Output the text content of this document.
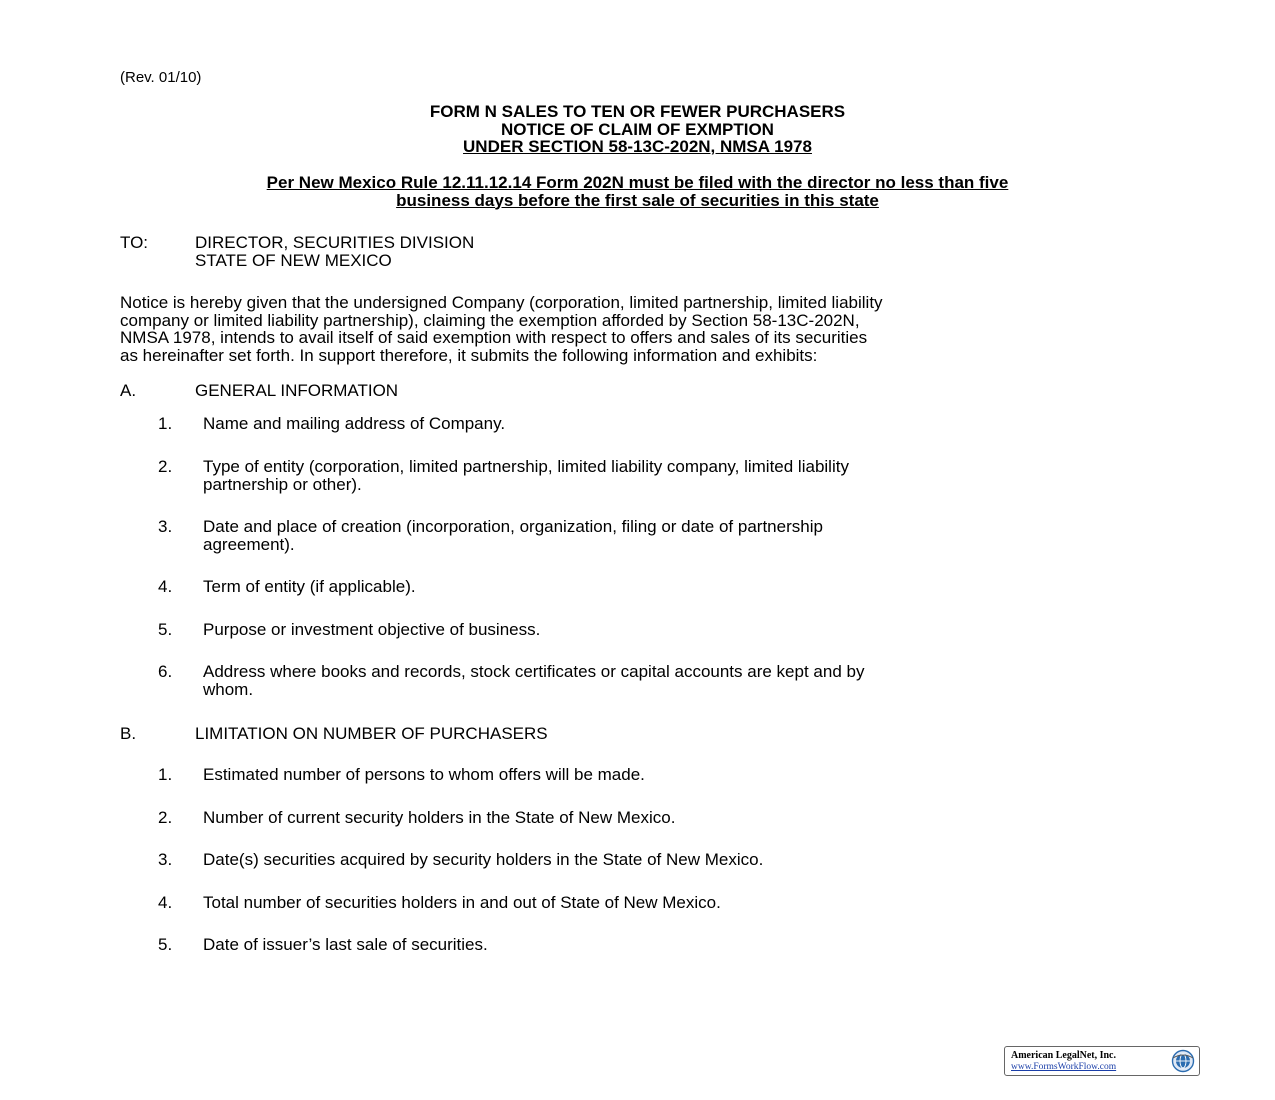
(Rev. 01/10)
FORM N SALES TO TEN OR FEWER PURCHASERS
NOTICE OF CLAIM OF EXMPTION
UNDER SECTION 58-13C-202N, NMSA 1978
Per New Mexico Rule 12.11.12.14 Form 202N must be filed with the director no less than five
business days before the first sale of securities in this state
TO:	DIRECTOR, SECURITIES DIVISION
STATE OF NEW MEXICO
Notice is hereby given that the undersigned Company (corporation, limited partnership, limited liability
company or limited liability partnership), claiming the exemption afforded by Section 58-13C-202N,
NMSA 1978, intends to avail itself of said exemption with respect to offers and sales of its securities
as hereinafter set forth. In support therefore, it submits the following information and exhibits:
A.	GENERAL INFORMATION
1. Name and mailing address of Company.
2. Type of entity (corporation, limited partnership, limited liability company, limited liability
partnership or other).
3. Date and place of creation (incorporation, organization, filing or date of partnership
agreement).
4. Term of entity (if applicable).
5. Purpose or investment objective of business.
6. Address where books and records, stock certificates or capital accounts are kept and by
whom.
B.	LIMITATION ON NUMBER OF PURCHASERS
1. Estimated number of persons to whom offers will be made.
2. Number of current security holders in the State of New Mexico.
3. Date(s) securities acquired by security holders in the State of New Mexico.
4. Total number of securities holders in and out of State of New Mexico.
5. Date of issuer’s last sale of securities.
American LegalNet, Inc.
www.FormsWorkFlow.com
